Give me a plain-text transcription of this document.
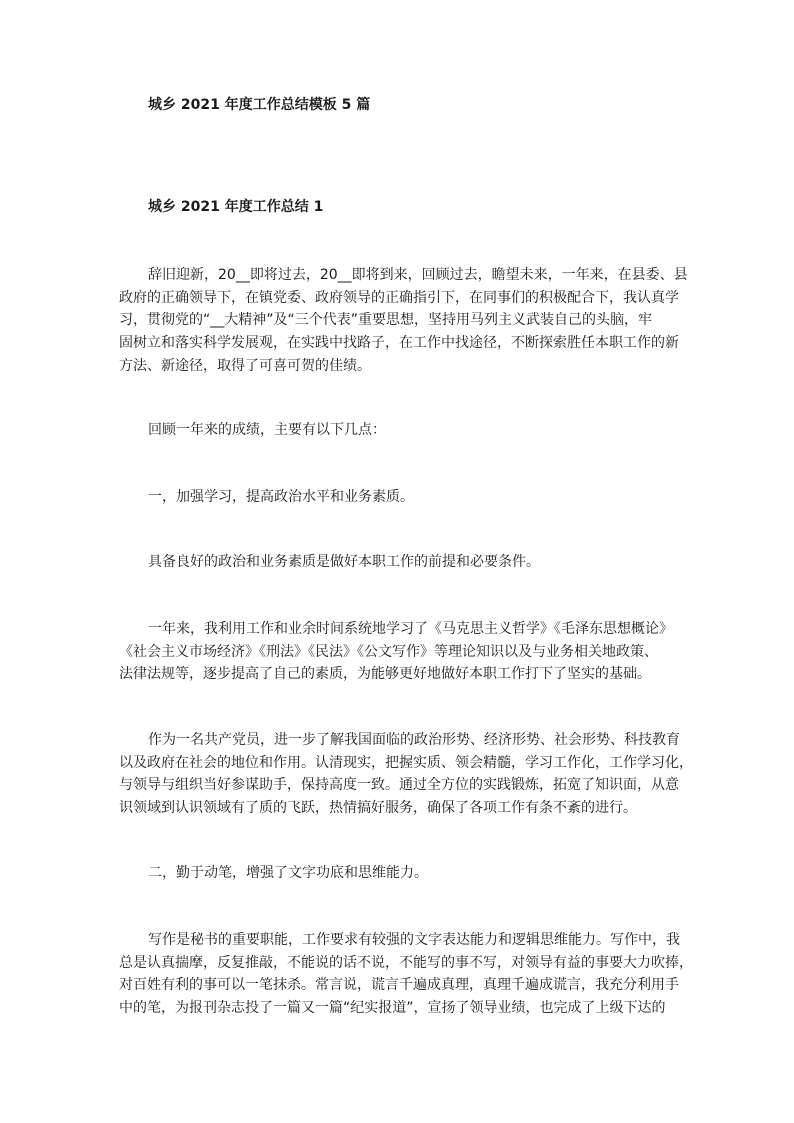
城乡 2021 年度工作总结模板 5 篇

城乡 2021 年度工作总结 1

辞旧迎新，20__即将过去，20__即将到来，回顾过去，瞻望未来，一年来，在县委、县
政府的正确领导下，在镇党委、政府领导的正确指引下，在同事们的积极配合下，我认真学
习，贯彻党的“__大精神”及“三个代表”重要思想，坚持用马列主义武装自己的头脑，牢
固树立和落实科学发展观，在实践中找路子，在工作中找途径，不断探索胜任本职工作的新
方法、新途径，取得了可喜可贺的佳绩。

回顾一年来的成绩，主要有以下几点：

一，加强学习，提高政治水平和业务素质。

具备良好的政治和业务素质是做好本职工作的前提和必要条件。

一年来，我利用工作和业余时间系统地学习了《马克思主义哲学》《毛泽东思想概论》
《社会主义市场经济》《刑法》《民法》《公文写作》等理论知识以及与业务相关地政策、
法律法规等，逐步提高了自己的素质，为能够更好地做好本职工作打下了坚实的基础。
作为一名共产党员，进一步了解我国面临的政治形势、经济形势、社会形势、科技教育
以及政府在社会的地位和作用。认清现实，把握实质、领会精髓，学习工作化，工作学习化，
与领导与组织当好参谋助手，保持高度一致。通过全方位的实践锻炼，拓宽了知识面，从意
识领域到认识领域有了质的飞跃，热情搞好服务，确保了各项工作有条不紊的进行。

二，勤于动笔，增强了文字功底和思维能力。

写作是秘书的重要职能，工作要求有较强的文字表达能力和逻辑思维能力。写作中，我
总是认真揣摩，反复推敲，不能说的话不说，不能写的事不写，对领导有益的事要大力吹捧，
对百姓有利的事可以一笔抹杀。常言说，谎言千遍成真理，真理千遍成谎言，我充分利用手
中的笔，为报刊杂志投了一篇又一篇“纪实报道”，宣扬了领导业绩，也完成了上级下达的
